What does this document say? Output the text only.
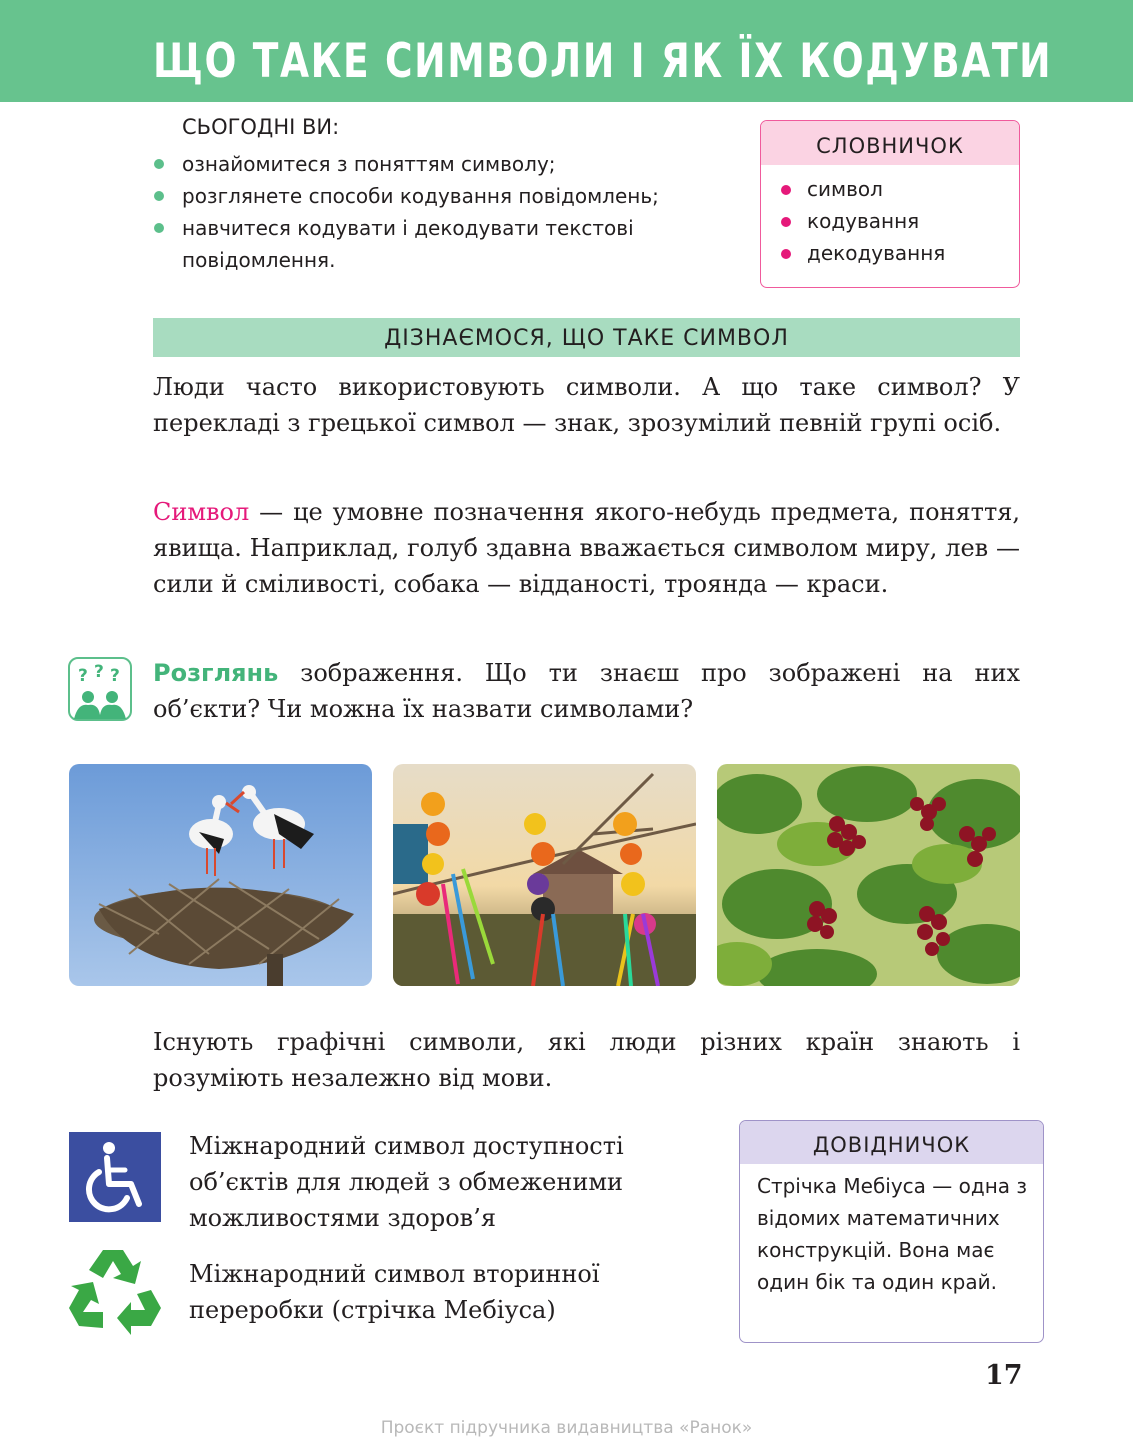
ЩО ТАКЕ СИМВОЛИ І ЯК ЇХ КОДУВАТИ
СЬОГОДНІ ВИ:
ознайомитеся з поняттям символу;
розглянете способи кодування повідомлень;
навчитеся кодувати і декодувати текстові повідомлення.
СЛОВНИЧОК
символ
кодування
декодування
ДІЗНАЄМОСЯ, ЩО ТАКЕ СИМВОЛ

Люди часто використовують символи. А що таке символ? У перекладі з грецької символ — знак, зрозумілий певній групі осіб.

Символ — це умовне позначення якого-небудь предмета, поняття, явища. Наприклад, голуб здавна вважається символом миру, лев — сили й сміливості, собака — відданості, троянда — краси.

? ? ? Розглянь зображення. Що ти знаєш про зображені на них об’єкти? Чи можна їх назвати символами?

Існують графічні символи, які люди різних країн знають і розуміють незалежно від мови.

Міжнародний символ доступності об’єктів для людей з обмеженими можливостями здоров’я

Міжнародний символ вторинної переробки (стрічка Мебіуса)

ДОВІДНИЧОК

Стрічка Мебіуса — одна з відомих математичних конструкцій. Вона має один бік та один край.

17
Проєкт підручника видавництва «Ранок»
